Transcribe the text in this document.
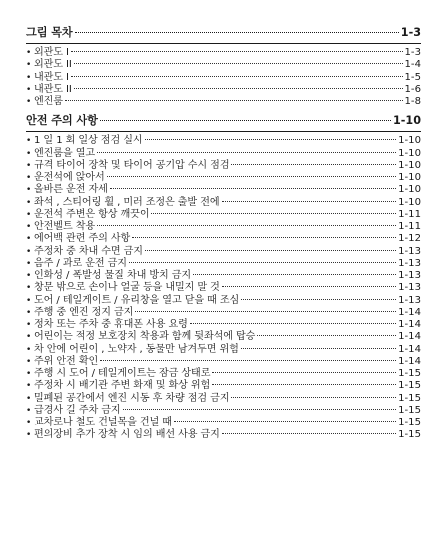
그림 목차	1-3
• 외관도 I	1-3
• 외관도 II	1-4
• 내관도 I	1-5
• 내관도 II	1-6
• 엔진룸	1-8
안전 주의 사항	1-10
• 1 일 1 회 일상 점검 실시	1-10
• 엔진룸을 열고	1-10
• 규격 타이어 장착 및 타이어 공기압 수시 점검	1-10
• 운전석에 앉아서	1-10
• 올바른 운전 자세	1-10
• 좌석 , 스티어링 휠 , 미러 조정은 출발 전에	1-10
• 운전석 주변은 항상 깨끗이	1-11
• 안전벨트 착용	1-11
• 에어백 관련 주의 사항	1-12
• 주정차 중 차내 수면 금지	1-13
• 음주 / 과로 운전 금지	1-13
• 인화성 / 폭발성 물질 차내 방치 금지	1-13
• 창문 밖으로 손이나 얼굴 등을 내밀지 말 것	1-13
• 도어 / 테일게이트 / 유리창을 열고 닫을 때 조심	1-13
• 주행 중 엔진 정지 금지	1-14
• 정차 또는 주차 중 휴대폰 사용 요령	1-14
• 어린이는 적정 보호장치 착용과 함께 뒷좌석에 탑승	1-14
• 차 안에 어린이 , 노약자 , 동물만 남겨두면 위험	1-14
• 주위 안전 확인	1-14
• 주행 시 도어 / 테일게이트는 잠금 상태로	1-15
• 주정차 시 배기관 주변 화재 및 화상 위험	1-15
• 밀폐된 공간에서 엔진 시동 후 차량 점검 금지	1-15
• 급경사 길 주차 금지	1-15
• 교차로나 철도 건널목을 건널 때	1-15
• 편의장비 추가 장착 시 임의 배선 사용 금지	1-15
